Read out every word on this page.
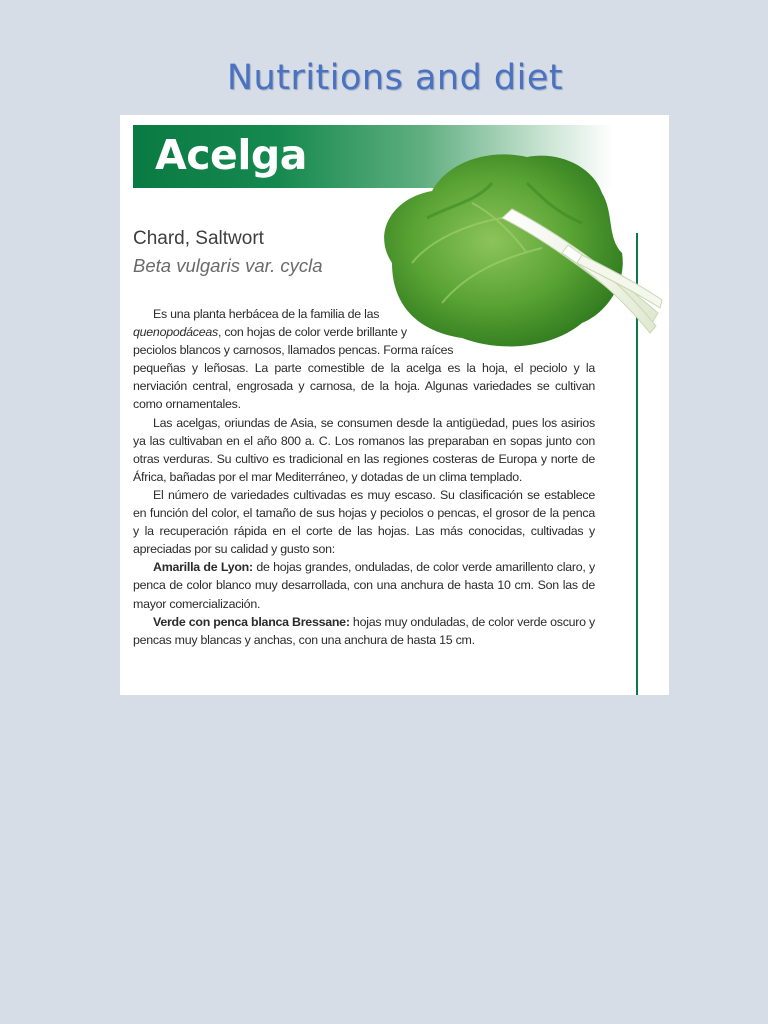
Nutritions and diet
Acelga
Chard, Saltwort
Beta vulgaris var. cycla

Es una planta herbácea de la familia de las
quenopodáceas, con hojas de color verde brillante y
peciolos blancos y carnosos, llamados pencas. Forma raíces

pequeñas y leñosas. La parte comestible de la acelga es la hoja, el peciolo y la nerviación central, engrosada y carnosa, de la hoja. Algunas variedades se cultivan como ornamentales.

Las acelgas, oriundas de Asia, se consumen desde la antigüedad, pues los asirios ya las cultivaban en el año 800 a. C. Los romanos las preparaban en sopas junto con otras verduras. Su cultivo es tradicional en las regiones costeras de Europa y norte de África, bañadas por el mar Mediterráneo, y dotadas de un clima templado.

El número de variedades cultivadas es muy escaso. Su clasificación se establece en función del color, el tamaño de sus hojas y peciolos o pencas, el grosor de la penca y la recuperación rápida en el corte de las hojas. Las más conocidas, cultivadas y apreciadas por su calidad y gusto son:

Amarilla de Lyon: de hojas grandes, onduladas, de color verde amarillento claro, y penca de color blanco muy desarrollada, con una anchura de hasta 10 cm. Son las de mayor comercialización.

Verde con penca blanca Bressane: hojas muy onduladas, de color verde oscuro y pencas muy blancas y anchas, con una anchura de hasta 15 cm.
